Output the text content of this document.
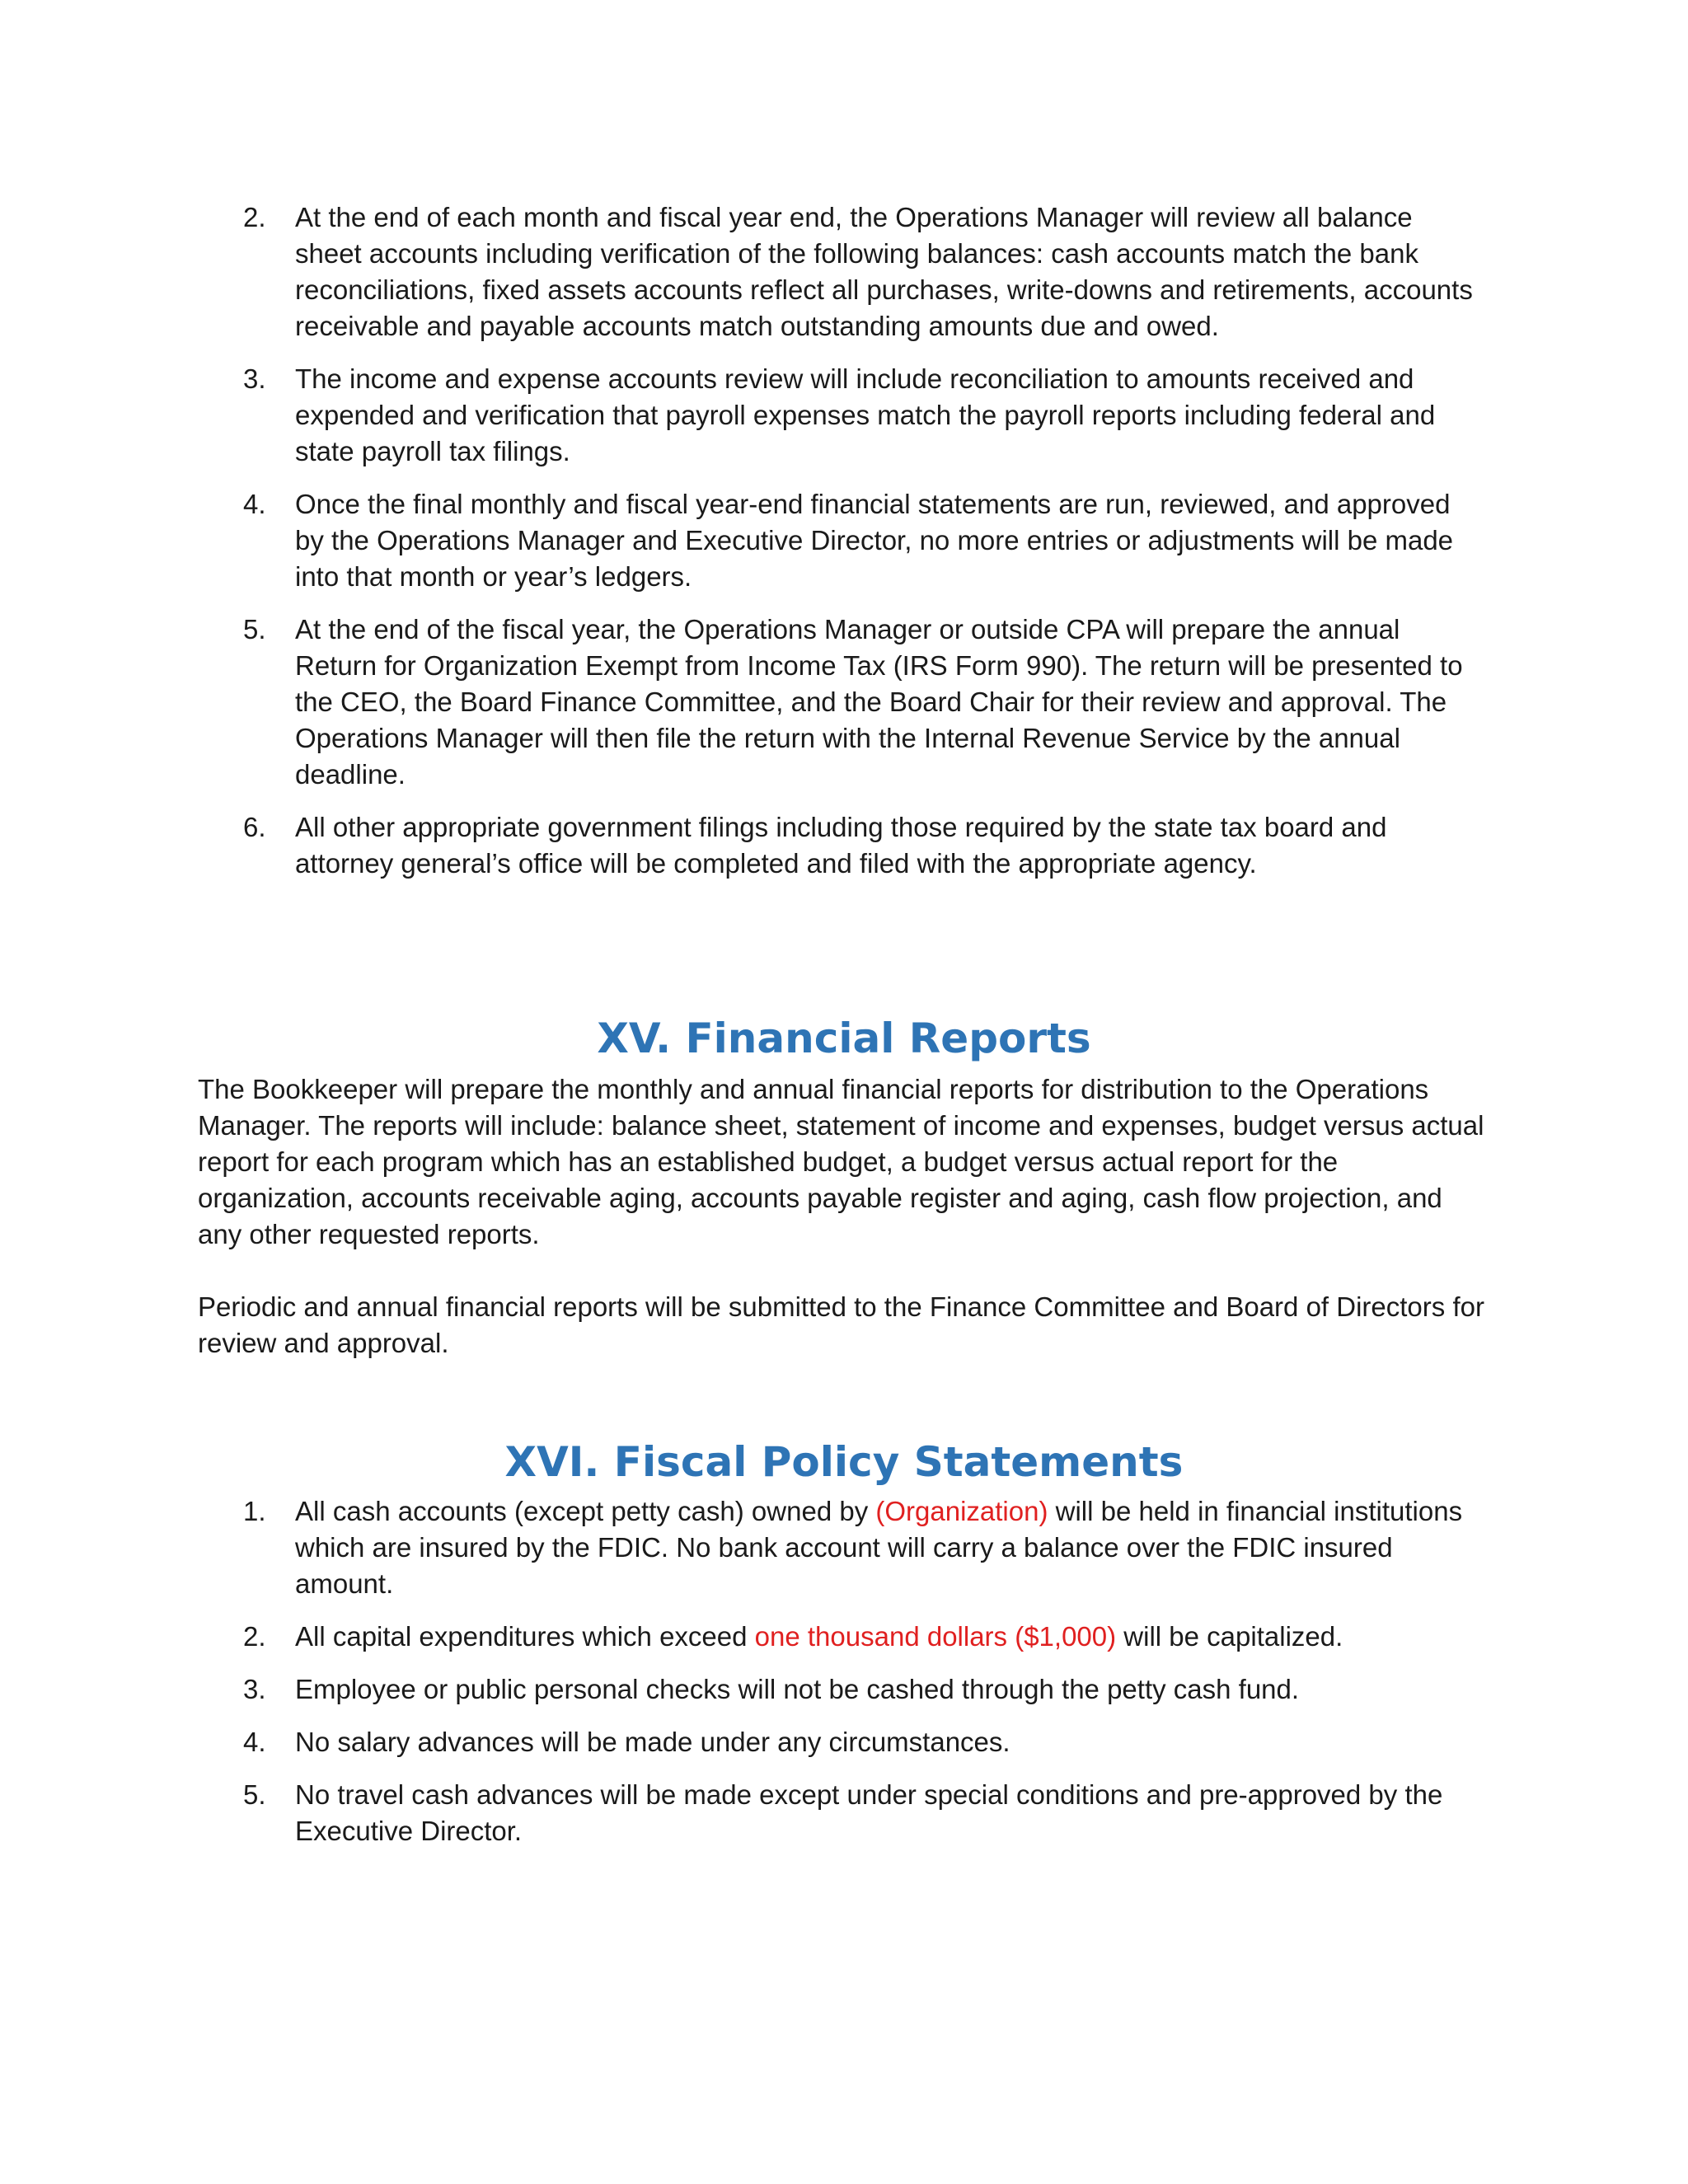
2. At the end of each month and fiscal year end, the Operations Manager will review all balance sheet accounts including verification of the following balances: cash accounts match the bank reconciliations, fixed assets accounts reflect all purchases, write-downs and retirements, accounts receivable and payable accounts match outstanding amounts due and owed.
3. The income and expense accounts review will include reconciliation to amounts received and expended and verification that payroll expenses match the payroll reports including federal and state payroll tax filings.
4. Once the final monthly and fiscal year-end financial statements are run, reviewed, and approved by the Operations Manager and Executive Director, no more entries or adjustments will be made into that month or year’s ledgers.
5. At the end of the fiscal year, the Operations Manager or outside CPA will prepare the annual Return for Organization Exempt from Income Tax (IRS Form 990). The return will be presented to the CEO, the Board Finance Committee, and the Board Chair for their review and approval. The Operations Manager will then file the return with the Internal Revenue Service by the annual deadline.
6. All other appropriate government filings including those required by the state tax board and attorney general’s office will be completed and filed with the appropriate agency.
XV. Financial Reports

The Bookkeeper will prepare the monthly and annual financial reports for distribution to the Operations Manager. The reports will include: balance sheet, statement of income and expenses, budget versus actual report for each program which has an established budget, a budget versus actual report for the organization, accounts receivable aging, accounts payable register and aging, cash flow projection, and any other requested reports.

Periodic and annual financial reports will be submitted to the Finance Committee and Board of Directors for review and approval.

XVI. Fiscal Policy Statements
1. All cash accounts (except petty cash) owned by (Organization) will be held in financial institutions which are insured by the FDIC. No bank account will carry a balance over the FDIC insured amount.
2. All capital expenditures which exceed one thousand dollars ($1,000) will be capitalized.
3. Employee or public personal checks will not be cashed through the petty cash fund.
4. No salary advances will be made under any circumstances.
5. No travel cash advances will be made except under special conditions and pre-approved by the Executive Director.
